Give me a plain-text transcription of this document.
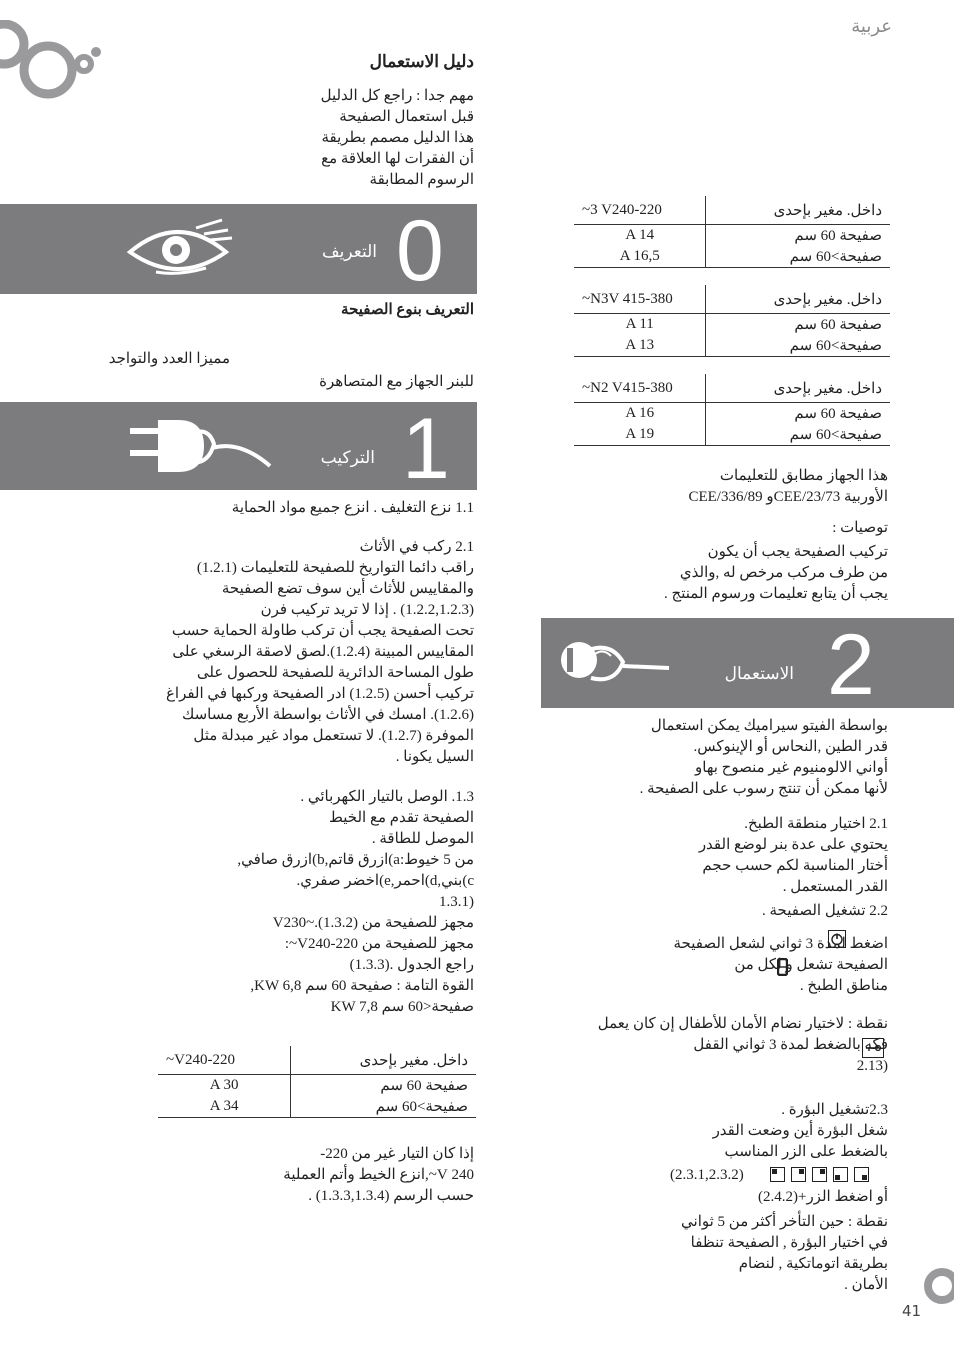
عربية
دليل الاستعمال
مهم جدا : راجع كل الدليل
قبل استعمال الصفيحة
هذا الدليل مصمم بطريقة
أن الفقرات لها العلاقة مع
الرسوم المطابقة
التعريف 0
التعريف بنوع الصفيحة
مميزا العدد والتواجد
للبنر الجهاز مع المتصاهرة
التركيب 1
1.1 نزع التغليف . انزع جميع مواد الحماية
2.1 ركب في الأثاث
راقب دائما التواريخ للصفيحة للتعليمات (1.2.1)
والمقاييس للأثاث أين سوف تضع الصفيحة
(1.2.2,1.2.3) . إذا لا تريد تركيب فرن
تحت الصفيحة يجب أن تركب طاولة الحماية حسب
المقاييس المبينة (1.2.4).لصق لاصقة الرسغي على
طول المساحة الدائرية للصفيحة للحصول على
تركيب أحسن (1.2.5) ادر الصفيحة وركبها في الفراغ
(1.2.6). امسك في الأثاث بواسطة الأربع مساسك
الموفرة (1.2.7). لا تستعمل مواد غير مبدلة مثل
السيل يكونا .
1.3. الوصل بالتيار الكهربائي .
الصفيحة تقدم مع الخيط
الموصل للطاقة .
من 5 خيوط:a)ازرق قاتم,b)ازرق صافي,
c)بني,d)احمر,e)اخضر صفري.
(1.3.1
مجهز للصفيحة من V230~.(1.3.2)
مجهز للصفيحة من V240-220~:
راجع الجدول .(1.3.3)
القوة التامة : صفيحة 60 سم KW 6,8,
صفيحة<60 سم KW 7,8
~V240-220	داخل. مغير بإحدى
A 30	صفيحة 60 سم
A 34	صفيحة>60 سم
إذا كان التيار غير من 220-
240 V~,انزع الخيط وأتم العملية
حسب الرسم (1.3.3,1.3.4) .
~3 V240-220	داخل. مغير بإحدى
A 14	صفيحة 60 سم
A 16,5	صفيحة>60 سم
~N3V 415-380	داخل. مغير بإحدى
A 11	صفيحة 60 سم
A 13	صفيحة>60 سم
~N2 V415-380	داخل. مغير بإحدى
A 16	صفيحة 60 سم
A 19	صفيحة>60 سم
هذا الجهاز مطابق للتعليمات
الأوربية CEE/23/73و CEE/336/89
توصيات :
تركيب الصفيحة يجب أن يكون
من طرف مركب مرخص له ,والذي
يجب أن يتابع تعليمات ورسوم المنتج .
الاستعمال 2
بواسطة الفيتو سيراميك يمكن استعمال
قدر الطين ,النحاس أو الإينوكس.
أواني الالومنيوم غير منصوح بهاو
لأنها ممكن أن تنتج رسوب على الصفيحة .
2.1 اختيار منطقة الطبخ.
يحتوي على عدة بنر لوضع القدر
أختار المناسبة لكم حسب حجم
القدر المستعمل .
2.2 تشغيل الصفيحة .
اضغط لمدة 3 ثواني لشعل الصفيحة
الصفيحة تشعل و لكل من
مناطق الطبخ .
نقطة : لاختيار نضام الأمان للأطفال إن كان يعمل
فكه بالضغط لمدة 3 ثواني القفل
(2.13
2.3تشغيل البؤرة .
شغل البؤرة أين وضعت القدر
بالضغط على الزر المناسب

(2.3.1,2.3.2)
أو اضغط الزر+(2.4.2)
نقطة : حين التأخر أكثر من 5 ثواني
في اختيار البؤرة , الصفيحة تنظفا
بطريقة اتوماتكية , لنضام
الأمان .
41
